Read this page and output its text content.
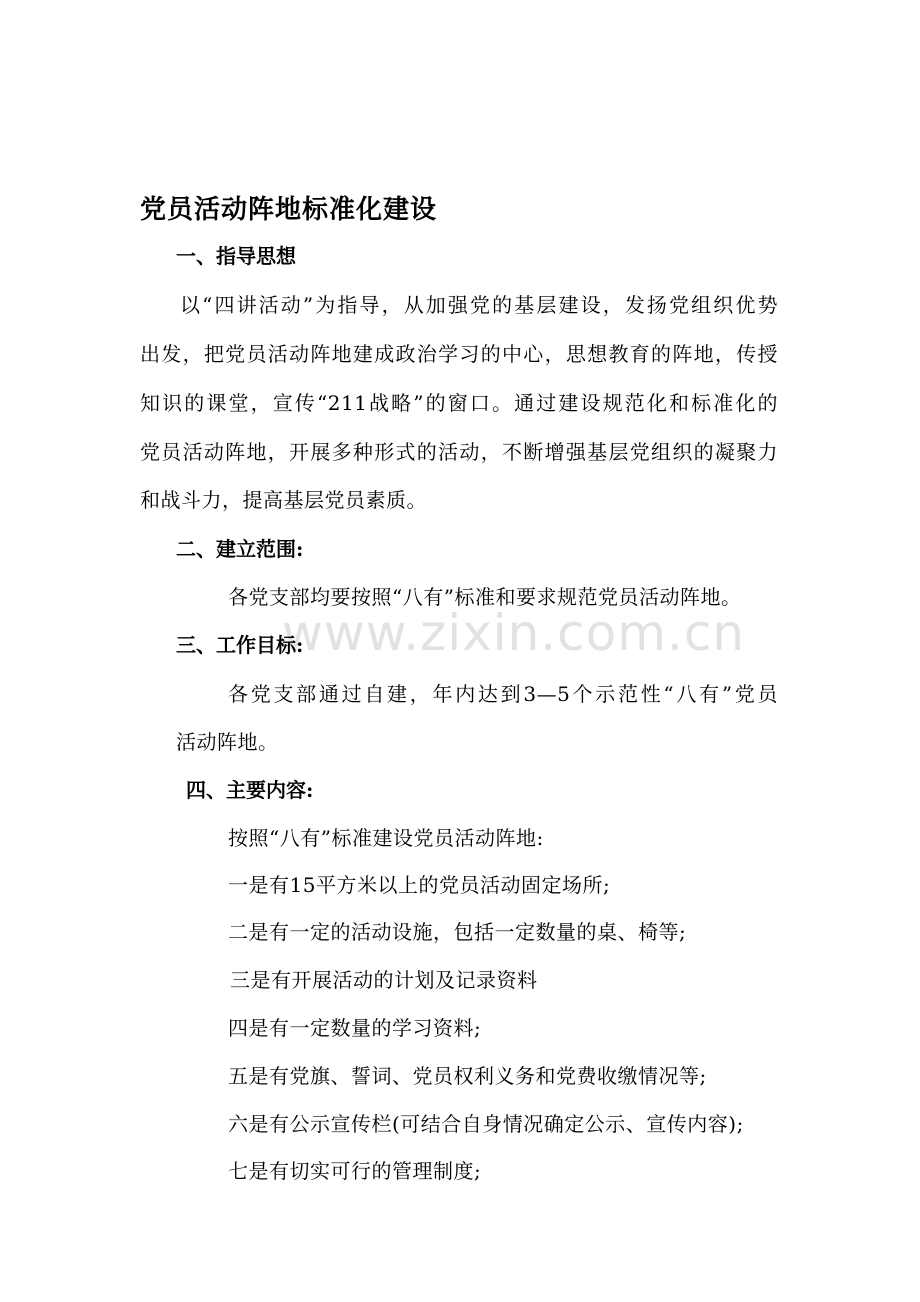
www.zixin.com.cn
党员活动阵地标准化建设
一、指导思想
以“四讲活动”为指导，从加强党的基层建设，发扬党组织优势
出发，把党员活动阵地建成政治学习的中心，思想教育的阵地，传授
知识的课堂，宣传“211战略”的窗口。通过建设规范化和标准化的
党员活动阵地，开展多种形式的活动，不断增强基层党组织的凝聚力
和战斗力，提高基层党员素质。
二、建立范围:
各党支部均要按照“八有”标准和要求规范党员活动阵地。
三、工作目标:
各党支部通过自建，年内达到3—5个示范性“八有”党员
活动阵地。
四、主要内容:
按照“八有”标准建设党员活动阵地:
一是有15平方米以上的党员活动固定场所;
二是有一定的活动设施，包括一定数量的桌、椅等;
三是有开展活动的计划及记录资料
四是有一定数量的学习资料;
五是有党旗、誓词、党员权利义务和党费收缴情况等;
六是有公示宣传栏(可结合自身情况确定公示、宣传内容);
七是有切实可行的管理制度;
